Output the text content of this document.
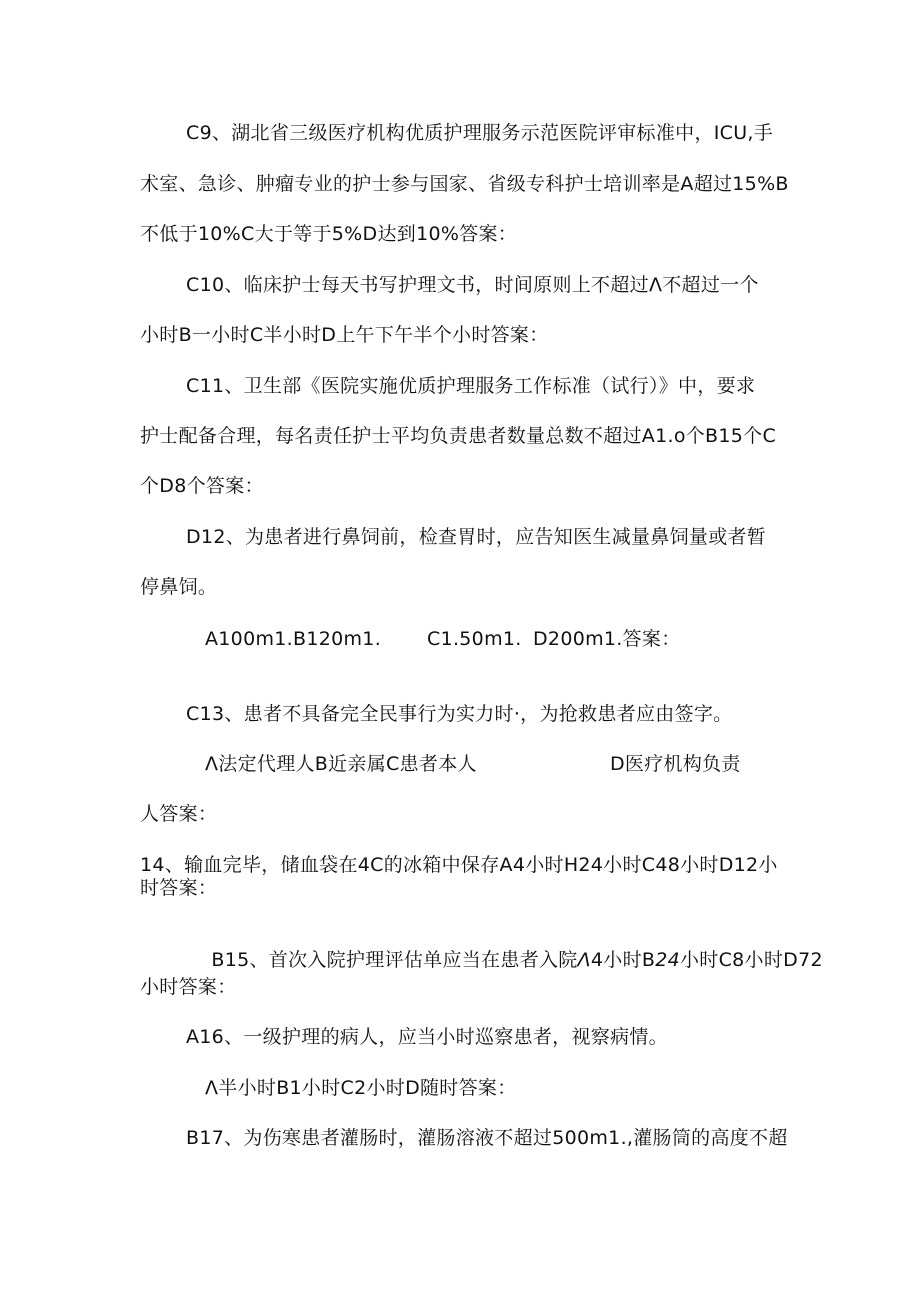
C9、湖北省三级医疗机构优质护理服务示范医院评审标准中，ICU,手
术室、急诊、肿瘤专业的护士参与国家、省级专科护士培训率是A超过15%B
不低于10%C大于等于5%D达到10%答案：
C10、临床护士每天书写护理文书，时间原则上不超过Λ不超过一个
小时B一小时C半小时D上午下午半个小时答案：
C11、卫生部《医院实施优质护理服务工作标准（试行）》中，要求
护士配备合理，每名责任护士平均负责患者数量总数不超过A1.o个B15个C
个D8个答案：
D12、为患者进行鼻饲前，检查胃时，应告知医生减量鼻饲量或者暂
停鼻饲。
A100m1.B120m1. C1.50m1. D200m1.答案：
C13、患者不具备完全民事行为实力时·，为抢救患者应由签字。
Λ法定代理人B近亲属C患者本人	D医疗机构负责
人答案：
14、输血完毕，储血袋在4C的冰箱中保存A4小时H24小时C48小时D12小
时答案：

B15、首次入院护理评估单应当在患者入院Λ4小时B24小时C8小时D72

小时答案：
A16、一级护理的病人，应当小时巡察患者，视察病情。
Λ半小时B1小时C2小时D随时答案：
B17、为伤寒患者灌肠时，灌肠溶液不超过500m1.,灌肠筒的高度不超
